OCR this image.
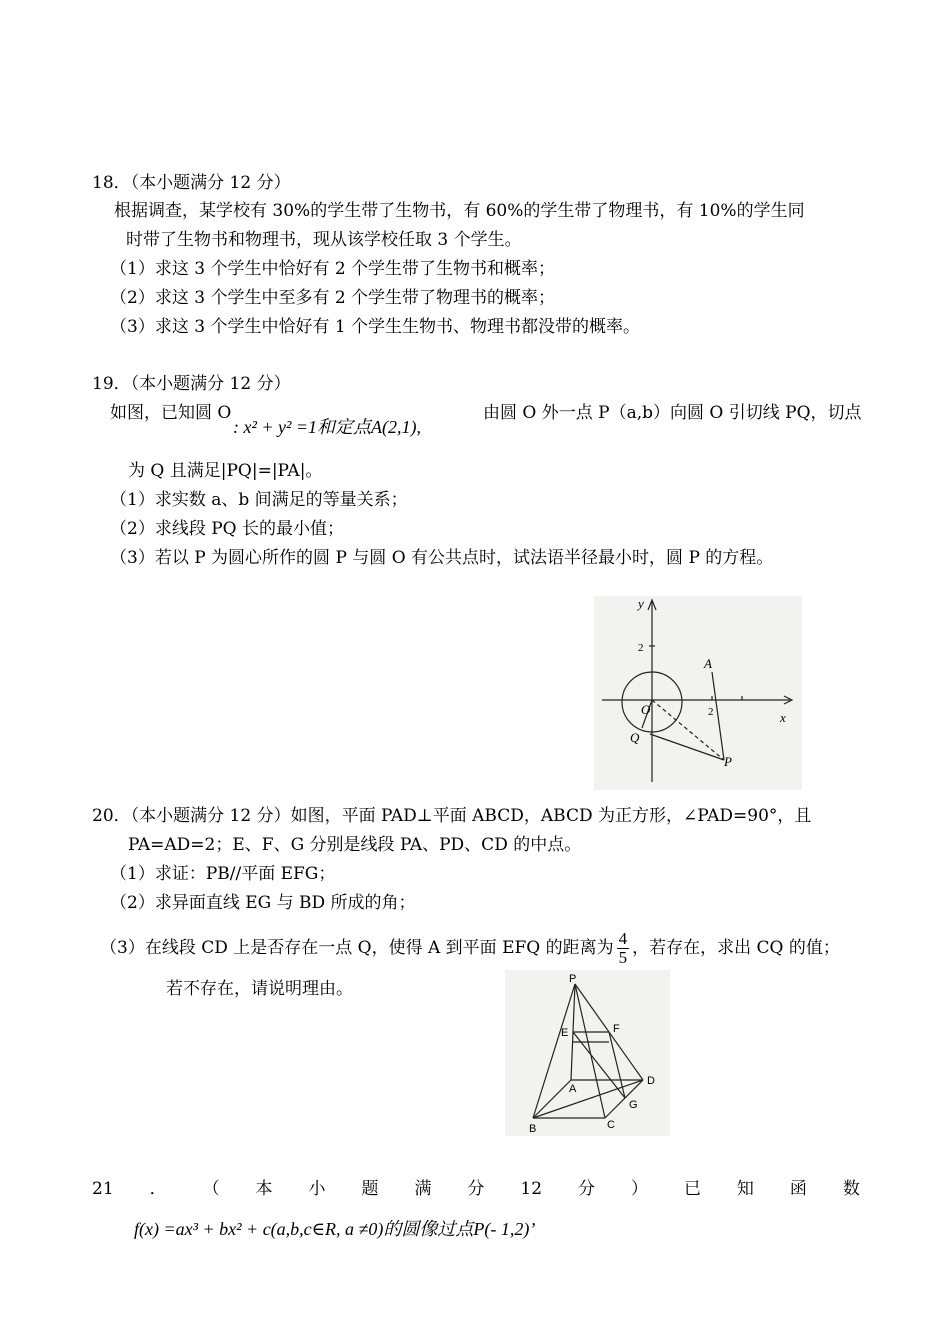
18．（本小题满分 12 分）
根据调查，某学校有 30%的学生带了生物书，有 60%的学生带了物理书，有 10%的学生同
时带了生物书和物理书，现从该学校任取 3 个学生。
（1）求这 3 个学生中恰好有 2 个学生带了生物书和概率；
（2）求这 3 个学生中至多有 2 个学生带了物理书的概率；
（3）求这 3 个学生中恰好有 1 个学生生物书、物理书都没带的概率。
19．（本小题满分 12 分）
如图，已知圆 O
: x² + y² =1和定点A(2,1),
由圆 O 外一点 P（a,b）向圆 O 引切线 PQ，切点
为 Q 且满足|PQ|=|PA|。
（1）求实数 a、b 间满足的等量关系；
（2）求线段 PQ 长的最小值；
（3）若以 P 为圆心所作的圆 P 与圆 O 有公共点时，试法语半径最小时，圆 P 的方程。
y
x
2
2
O
Q
A
P
20．（本小题满分 12 分）如图，平面 PAD⊥平面 ABCD，ABCD 为正方形，∠PAD=90°，且
PA=AD=2；E、F、G 分别是线段 PA、PD、CD 的中点。
（1）求证：PB//平面 EFG；
（2）求异面直线 EG 与 BD 所成的角；
（3）在线段 CD 上是否存在一点 Q，使得 A 到平面 EFQ 的距离为 $\frac{4}{5}$ ，若存在，求出 CQ 的值；
若不存在，请说明理由。	P
E	F
A
D
G
B	C
21 ． （ 本 小 题 满 分 12 分 ） 已 知 函 数
f(x) =ax³ + bx² + c(a,b,c∈R, a ≠0)的圆像过点P(- 1,2)’
